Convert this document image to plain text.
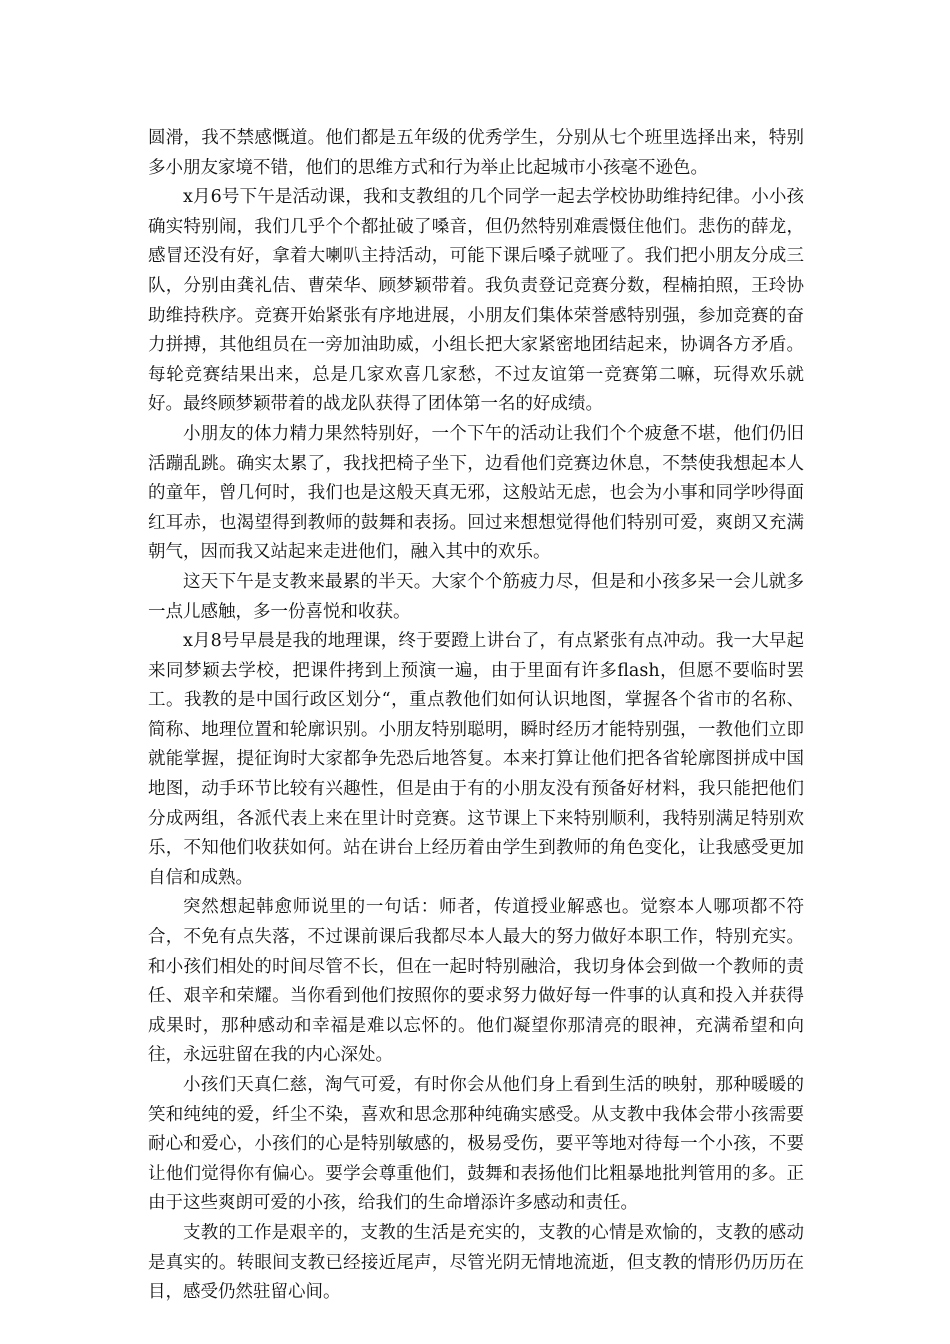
圆滑，我不禁感慨道。他们都是五年级的优秀学生，分别从七个班里选择出来，特别多小朋友家境不错，他们的思维方式和行为举止比起城市小孩毫不逊色。

x月6号下午是活动课，我和支教组的几个同学一起去学校协助维持纪律。小小孩确实特别闹，我们几乎个个都扯破了嗓音，但仍然特别难震慑住他们。悲伤的薛龙，感冒还没有好，拿着大喇叭主持活动，可能下课后嗓子就哑了。我们把小朋友分成三队，分别由龚礼佶、曹荣华、顾梦颖带着。我负责登记竞赛分数，程楠拍照，王玲协助维持秩序。竞赛开始紧张有序地进展，小朋友们集体荣誉感特别强，参加竞赛的奋力拼搏，其他组员在一旁加油助威，小组长把大家紧密地团结起来，协调各方矛盾。每轮竞赛结果出来，总是几家欢喜几家愁，不过友谊第一竞赛第二嘛，玩得欢乐就好。最终顾梦颖带着的战龙队获得了团体第一名的好成绩。

小朋友的体力精力果然特别好，一个下午的活动让我们个个疲惫不堪，他们仍旧活蹦乱跳。确实太累了，我找把椅子坐下，边看他们竞赛边休息，不禁使我想起本人的童年，曾几何时，我们也是这般天真无邪，这般站无虑，也会为小事和同学吵得面红耳赤，也渴望得到教师的鼓舞和表扬。回过来想想觉得他们特别可爱，爽朗又充满朝气，因而我又站起来走进他们，融入其中的欢乐。

这天下午是支教来最累的半天。大家个个筋疲力尽，但是和小孩多呆一会儿就多一点儿感触，多一份喜悦和收获。

x月8号早晨是我的地理课，终于要蹬上讲台了，有点紧张有点冲动。我一大早起来同梦颖去学校，把课件拷到上预演一遍，由于里面有许多flash，但愿不要临时罢工。我教的是中国行政区划分“，重点教他们如何认识地图，掌握各个省市的名称、简称、地理位置和轮廓识别。小朋友特别聪明，瞬时经历才能特别强，一教他们立即就能掌握，提征询时大家都争先恐后地答复。本来打算让他们把各省轮廓图拼成中国地图，动手环节比较有兴趣性，但是由于有的小朋友没有预备好材料，我只能把他们分成两组，各派代表上来在里计时竞赛。这节课上下来特别顺利，我特别满足特别欢乐，不知他们收获如何。站在讲台上经历着由学生到教师的角色变化，让我感受更加自信和成熟。

突然想起韩愈师说里的一句话：师者，传道授业解惑也。觉察本人哪项都不符合，不免有点失落，不过课前课后我都尽本人最大的努力做好本职工作，特别充实。和小孩们相处的时间尽管不长，但在一起时特别融洽，我切身体会到做一个教师的责任、艰辛和荣耀。当你看到他们按照你的要求努力做好每一件事的认真和投入并获得成果时，那种感动和幸福是难以忘怀的。他们凝望你那清亮的眼神，充满希望和向往，永远驻留在我的内心深处。

小孩们天真仁慈，淘气可爱，有时你会从他们身上看到生活的映射，那种暖暖的笑和纯纯的爱，纤尘不染，喜欢和思念那种纯确实感受。从支教中我体会带小孩需要耐心和爱心，小孩们的心是特别敏感的，极易受伤，要平等地对待每一个小孩，不要让他们觉得你有偏心。要学会尊重他们，鼓舞和表扬他们比粗暴地批判管用的多。正由于这些爽朗可爱的小孩，给我们的生命增添许多感动和责任。

支教的工作是艰辛的，支教的生活是充实的，支教的心情是欢愉的，支教的感动是真实的。转眼间支教已经接近尾声，尽管光阴无情地流逝，但支教的情形仍历历在目，感受仍然驻留心间。
